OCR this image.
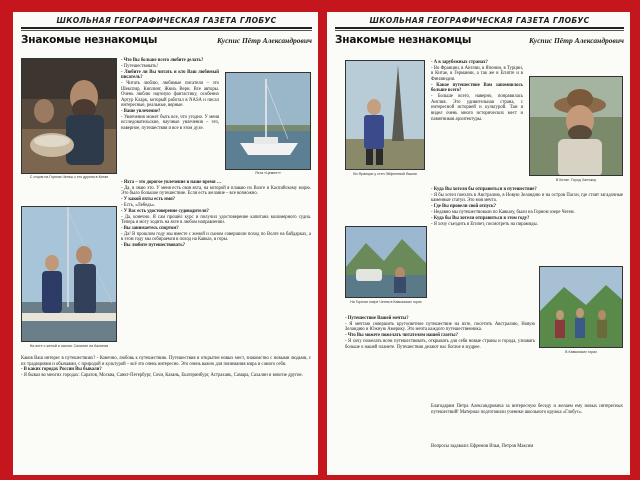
ШКОЛЬНАЯ ГЕОГРАФИЧЕСКАЯ ГАЗЕТА ГЛОБУС
Знакомые незнакомцы	Куспис Пётр Александрович
С отцом на Горном Чегиш с его другом в Китае

- Что Вы больше всего любите делать?

- Путешествовать!

- Любите ли Вы читать и кто Ваш любимый писатель?

- Читать люблю, любимые писатели – это Шекспир, Киплинг, Жюль Верн. Все авторы. Очень люблю научную фантастику, особенно Артур Кларк, который работал в NASA и писал интересные, реальные, верные.

- Ваше увлечение?

- Увлечения может быть все, что угодно. У меня исследовательские, научные увлечения – это, наверное, путешествия и все в этом духе.

Яхта «Цемент»

- Яхта – это дорогое увлечение в наше время …

- Да, я знаю это. У меня есть своя яхта, на которой я плаваю по Волге и Каспийскому морю. Это было большое путешествие. Если есть желание – все возможно.

- У какой яхты есть имя?

- Есть, «Лебедь».

- У Вас есть удостоверение судоводителя?

- Да, конечно. Я сам прошёл курс и получил удостоверение капитана маломерного судна. Теперь я могу ходить на яхте в любом направлении.

- Вы занимаетесь спортом?

- Да! В прошлом году мы вместе с женой и сыном совершили поход по Волге на байдарках, а в этом году мы собираемся в поход на Кавказ, в горы.

- Вы любите путешествовать?

На яхте с женой и сыном. Сахалин на Калинов

Каков Ваш интерес в путешествиях? - Конечно, любовь к путешествию. Путешествия и открытие новых мест, знакомство с новыми людьми, с их традициями и обычаями, с природой и культурой – всё это очень интересно. Это очень важно для понимания мира и самого себя.

- В каких городах России Вы бывали?

- Я бывал во многих городах: Саратов, Москва, Санкт-Петербург, Сочи, Казань, Екатеринбург, Астрахань, Самара, Сахалин и многие другие.

ШКОЛЬНАЯ ГЕОГРАФИЧЕСКАЯ ГАЗЕТА ГЛОБУС
Знакомые незнакомцы	Куспис Пётр Александрович
Во Франции у стен Эйфелевой башни

- А в зарубежных странах?

- Во Франции, в Англии, в Японии, в Турции, в Китае, в Германии, а так же в Египте и в Финляндии.

- Какое путешествие Вам запомнилось больше всего?

- Больше всего, наверно, понравилась Англия. Это удивительная страна, с интересной историей и культурой. Там я видел очень много исторических мест и памятников архитектуры.

В Китае. Город Ханчжоу

- Куда Вы хотели бы отправиться в путешествие?

- Я бы хотел поехать в Австралию, в Новую Зеландию и на остров Пасхи, где стоят загадочные каменные статуи. Это моя мечта.

- Где Вы провели свой отпуск?

- Недавно мы путешествовали по Кавказу, были на Горном озере Чегем.

- Куда бы Вы хотели отправиться в этом году?

- Я хочу съездить в Египет, посмотреть на пирамиды.

На Горном озере Чегем в Кавказских горах
В Кавказских горах

- Путешествие Вашей мечты?

- Я мечтаю совершить кругосветное путешествие на яхте, посетить Австралию, Новую Зеландию и Южную Америку. Это мечта каждого путешественника.

- Что Вы можете пожелать читателям нашей газеты?

- Я хочу пожелать всем путешествовать, открывать для себя новые страны и города, узнавать больше о нашей планете. Путешествия делают нас богаче и мудрее.

Благодарим Петра Александровича за интересную беседу и желаем ему новых интересных путешествий! Материал подготовили ученики школьного кружка «Глобус».
Вопросы задавали: Ефремов Илья, Петров Максим
